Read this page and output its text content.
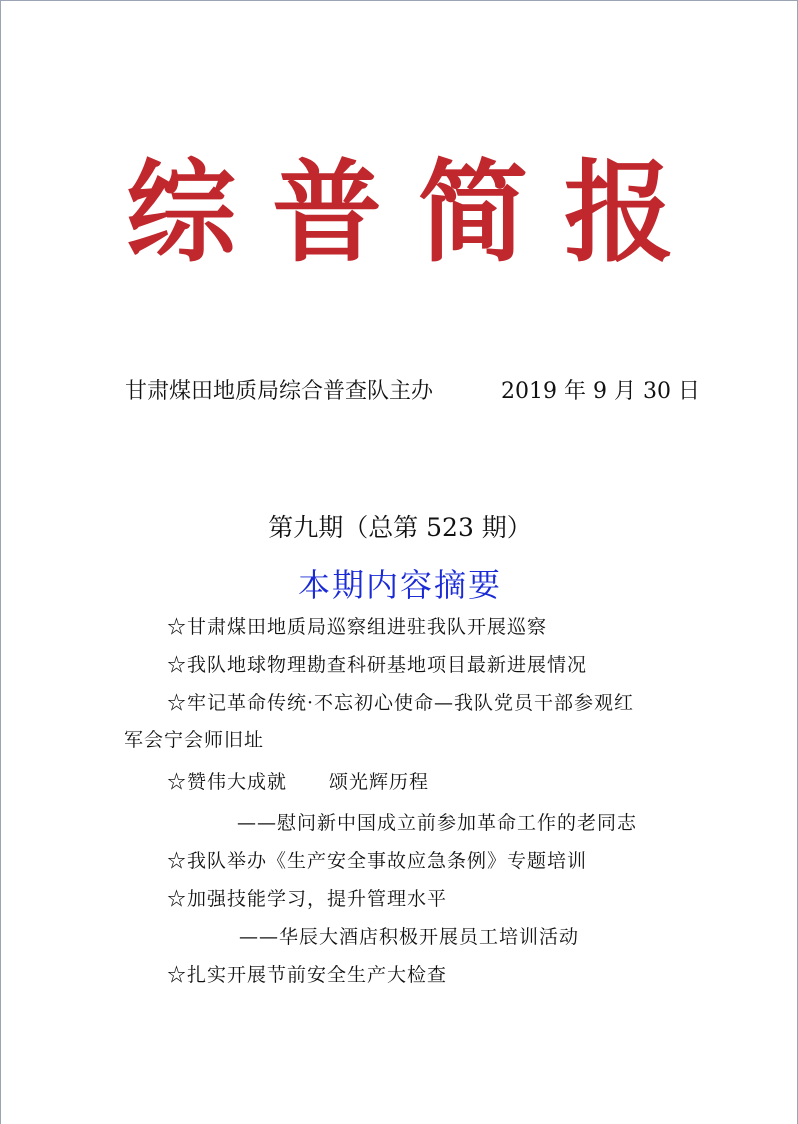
综普简报
甘肃煤田地质局综合普查队主办	2019 年 9 月 30 日
第九期（总第 523 期）
本期内容摘要
☆甘肃煤田地质局巡察组进驻我队开展巡察
☆我队地球物理勘查科研基地项目最新进展情况
☆牢记革命传统·不忘初心使命—我队党员干部参观红
军会宁会师旧址
☆赞伟大成就 颂光辉历程
——慰问新中国成立前参加革命工作的老同志
☆我队举办《生产安全事故应急条例》专题培训
☆加强技能学习，提升管理水平
——华辰大酒店积极开展员工培训活动
☆扎实开展节前安全生产大检查
